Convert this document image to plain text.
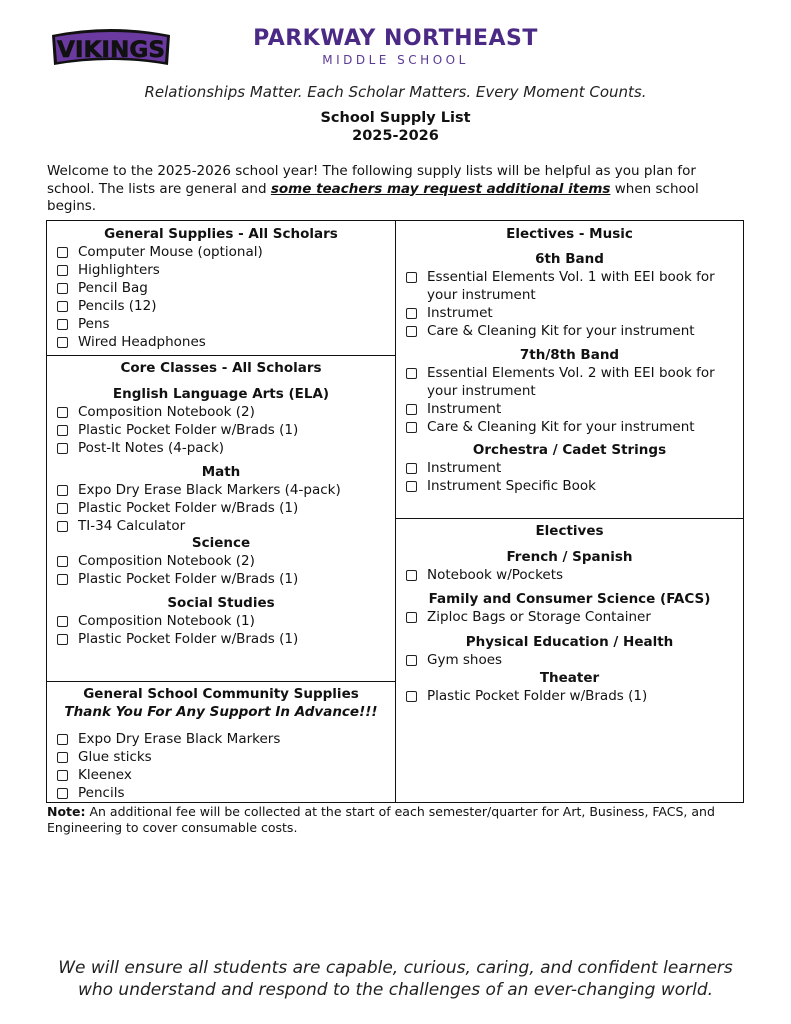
VIKINGS	PARKWAY NORTHEAST
MIDDLE SCHOOL
Relationships Matter. Each Scholar Matters. Every Moment Counts.
School Supply List
2025-2026
Welcome to the 2025-2026 school year! The following supply lists will be helpful as you plan for school. The lists are general and some teachers may request additional items when school begins.
General Supplies - All Scholars
Computer Mouse (optional)
Highlighters
Pencil Bag
Pencils (12)
Pens
Wired Headphones
Core Classes - All Scholars
English Language Arts (ELA)
Composition Notebook (2)
Plastic Pocket Folder w/Brads (1)
Post-It Notes (4-pack)
Math
Expo Dry Erase Black Markers (4-pack)
Plastic Pocket Folder w/Brads (1)
TI-34 Calculator
Science
Composition Notebook (2)
Plastic Pocket Folder w/Brads (1)
Social Studies
Composition Notebook (1)
Plastic Pocket Folder w/Brads (1)
General School Community Supplies
Thank You For Any Support In Advance!!!
Expo Dry Erase Black Markers
Glue sticks
Kleenex
Pencils
Electives - Music
6th Band
Essential Elements Vol. 1 with EEI book for your instrument
Instrumet
Care & Cleaning Kit for your instrument
7th/8th Band
Essential Elements Vol. 2 with EEI book for your instrument
Instrument
Care & Cleaning Kit for your instrument
Orchestra / Cadet Strings
Instrument
Instrument Specific Book
Electives
French / Spanish
Notebook w/Pockets
Family and Consumer Science (FACS)
Ziploc Bags or Storage Container
Physical Education / Health
Gym shoes
Theater
Plastic Pocket Folder w/Brads (1)
Note: An additional fee will be collected at the start of each semester/quarter for Art, Business, FACS, and Engineering to cover consumable costs.
We will ensure all students are capable, curious, caring, and confident learners
who understand and respond to the challenges of an ever-changing world.
